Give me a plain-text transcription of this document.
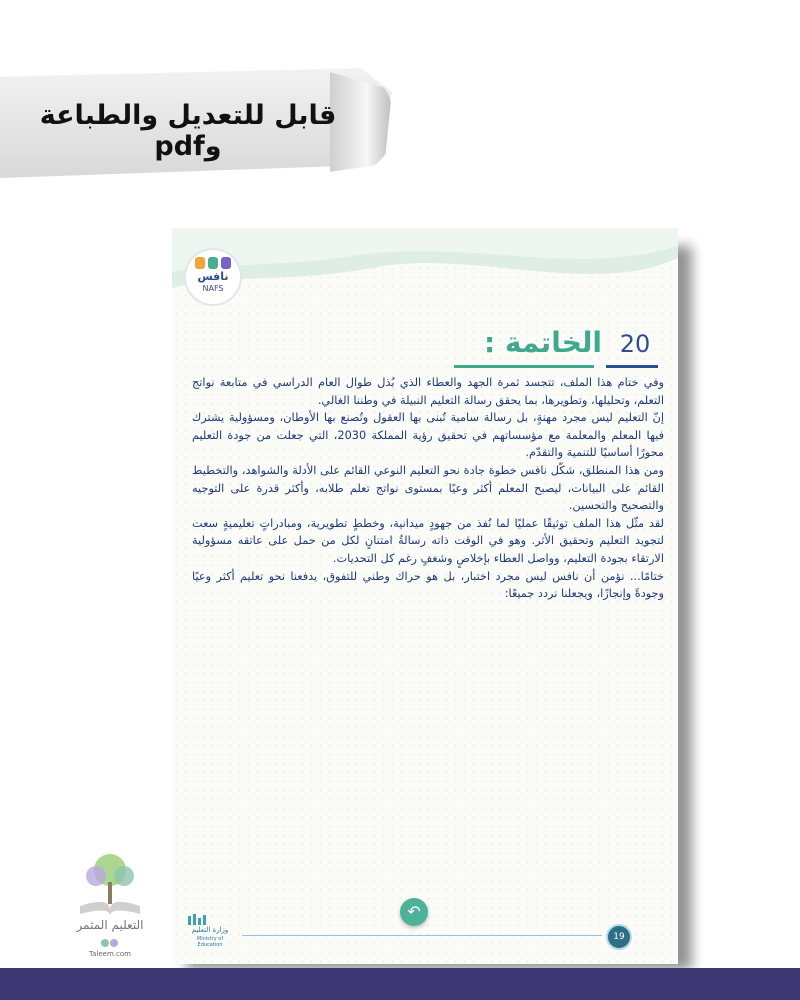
قابل للتعديل والطباعة وpdf
نافس
NAFS
الخاتمة : 20

وفي ختام هذا الملف، تتجسد ثمرة الجهد والعطاء الذي بُذل طوال العام الدراسي في متابعة نواتج التعلم، وتحليلها، وتطويرها، بما يحقق رسالة التعليم النبيلة في وطننا الغالي.

إنّ التعليم ليس مجرد مهنةٍ، بل رسالة سامية تُبنى بها العقول وتُصنع بها الأوطان، ومسؤولية يشترك فيها المعلم والمعلمة مع مؤسساتهم في تحقيق رؤية المملكة 2030، التي جعلت من جودة التعليم محورًا أساسيًا للتنمية والتقدّم.

ومن هذا المنطلق، شكّل نافس خطوة جادة نحو التعليم النوعي القائم على الأدلة والشواهد، والتخطيط القائم على البيانات، ليصبح المعلم أكثر وعيًا بمستوى نواتج تعلم طلابه، وأكثر قدرة على التوجيه والتصحيح والتحسين.

لقد مثّل هذا الملف توثيقًا عمليًا لما نُفذ من جهودٍ ميدانية، وخططٍ تطويرية، ومبادراتٍ تعليميةٍ سعت لتجويد التعليم وتحقيق الأثر. وهو في الوقت ذاته رسالةُ امتنانٍ لكل من حمل على عاتقه مسؤولية الارتقاء بجودة التعليم، وواصل العطاء بإخلاصٍ وشغفٍ رغم كل التحديات.

ختامًا... نؤمن أن نافس ليس مجرد اختبار، بل هو حراك وطني للتفوق، يدفعنا نحو تعليم أكثر وعيًا وجودةً وإنجازًا، ويجعلنا نردد جميعًا:

↶
19
وزارة التعليم
Ministry of Education
التعليم المثمر
Taleem.com
